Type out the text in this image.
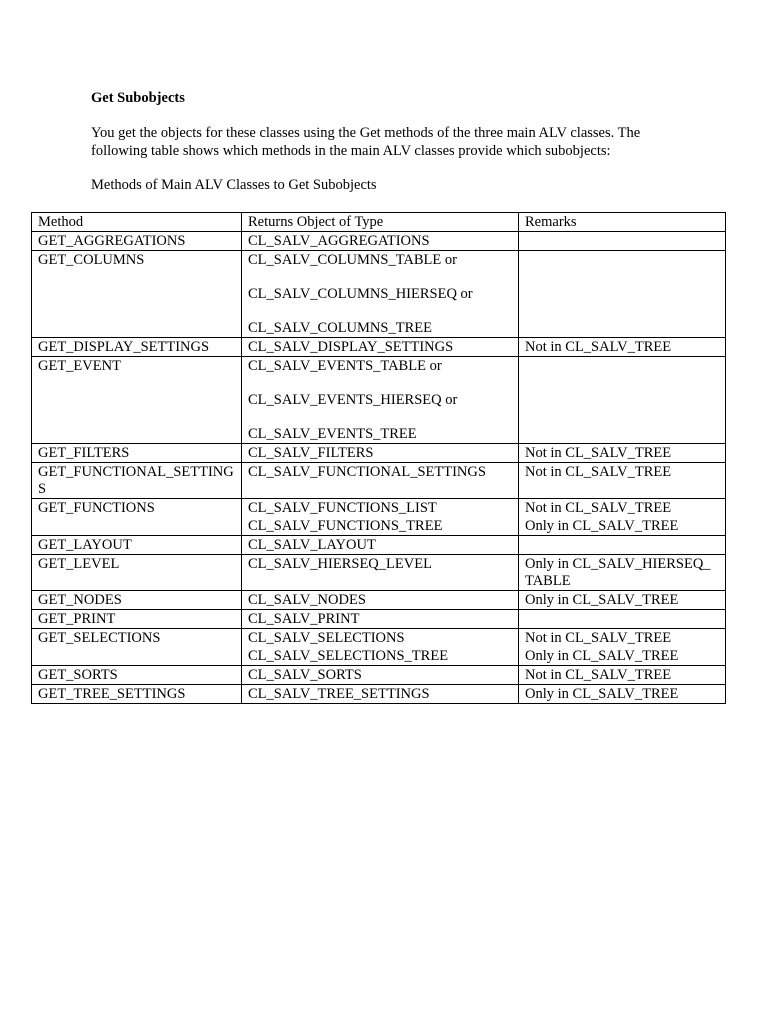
Get Subobjects
You get the objects for these classes using the Get methods of the three main ALV classes. The following table shows which methods in the main ALV classes provide which subobjects:
Methods of Main ALV Classes to Get Subobjects
Method	Returns Object of Type	Remarks
GET_AGGREGATIONS	CL_SALV_AGGREGATIONS	

GET_COLUMNS	CL_SALV_COLUMNS_TABLE or
CL_SALV_COLUMNS_HIERSEQ or
CL_SALV_COLUMNS_TREE	

GET_DISPLAY_SETTINGS	CL_SALV_DISPLAY_SETTINGS	Not in CL_SALV_TREE
GET_EVENT	CL_SALV_EVENTS_TABLE or
CL_SALV_EVENTS_HIERSEQ or
CL_SALV_EVENTS_TREE	

GET_FILTERS	CL_SALV_FILTERS	Not in CL_SALV_TREE
GET_FUNCTIONAL_SETTINGS	CL_SALV_FUNCTIONAL_SETTINGS	Not in CL_SALV_TREE
GET_FUNCTIONS	CL_SALV_FUNCTIONS_LIST	Not in CL_SALV_TREE

	CL_SALV_FUNCTIONS_TREE	Only in CL_SALV_TREE
GET_LAYOUT	CL_SALV_LAYOUT	

GET_LEVEL	CL_SALV_HIERSEQ_LEVEL	Only in CL_SALV_HIERSEQ_TABLE
GET_NODES	CL_SALV_NODES	Only in CL_SALV_TREE
GET_PRINT	CL_SALV_PRINT	

GET_SELECTIONS	CL_SALV_SELECTIONS	Not in CL_SALV_TREE

	CL_SALV_SELECTIONS_TREE	Only in CL_SALV_TREE
GET_SORTS	CL_SALV_SORTS	Not in CL_SALV_TREE
GET_TREE_SETTINGS	CL_SALV_TREE_SETTINGS	Only in CL_SALV_TREE
